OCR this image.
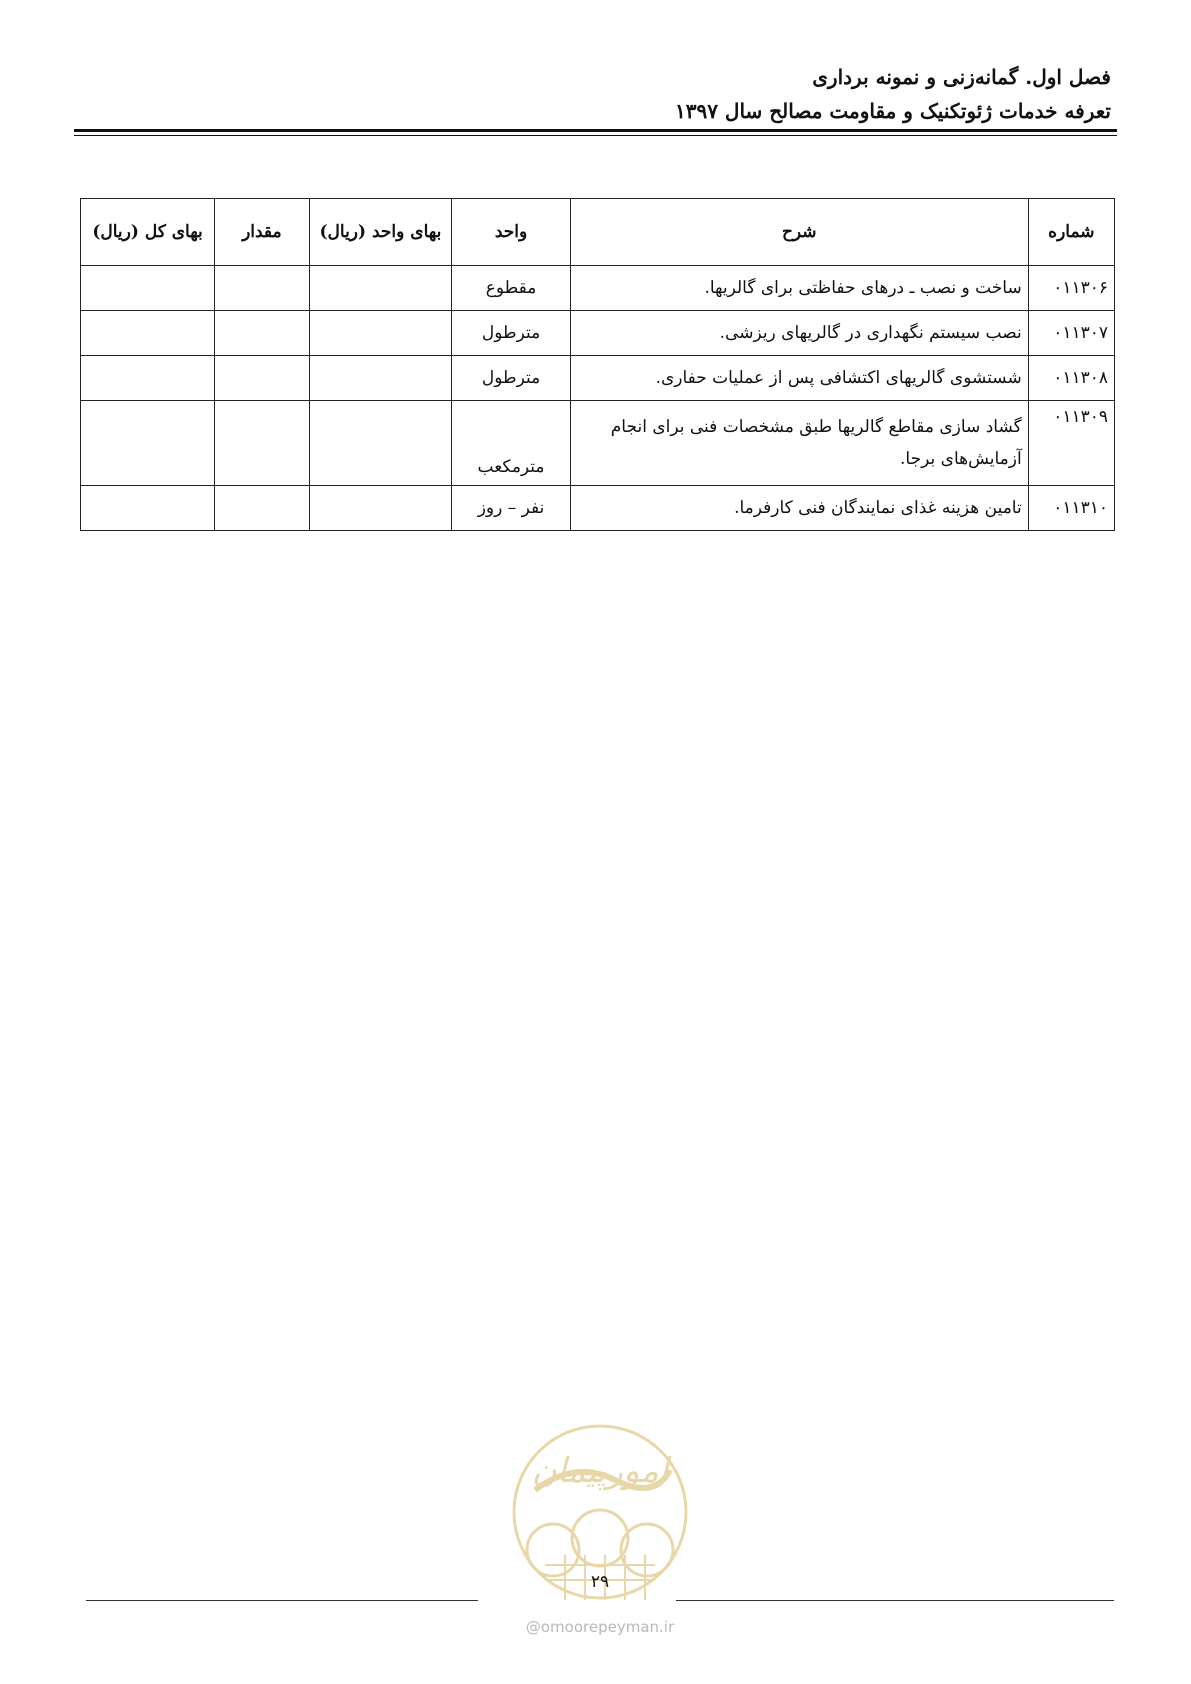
فصل اول. گمانه‌زنی و نمونه برداری
تعرفه خدمات ژئوتکنیک و مقاومت مصالح سال ۱۳۹۷
شماره	شرح	واحد	بهای واحد (ریال)	مقدار	بهای کل (ریال)
۰۱۱۳۰۶	ساخت و نصب ـ درهای حفاظتی برای گالریها.	مقطوع			
۰۱۱۳۰۷	نصب سیستم نگهداری در گالریهای ریزشی.	مترطول			
۰۱۱۳۰۸	شستشوی گالریهای اکتشافی پس از عملیات حفاری.	مترطول			
۰۱۱۳۰۹	گشاد سازی مقاطع گالریها طبق مشخصات فنی برای انجام آزمایش‌های برجا.	مترمکعب			
۰۱۱۳۱۰	تامین هزینه غذای نمایندگان فنی کارفرما.	نفر – روز			
امورپیمان
۲۹
@omoorepeyman.ir
